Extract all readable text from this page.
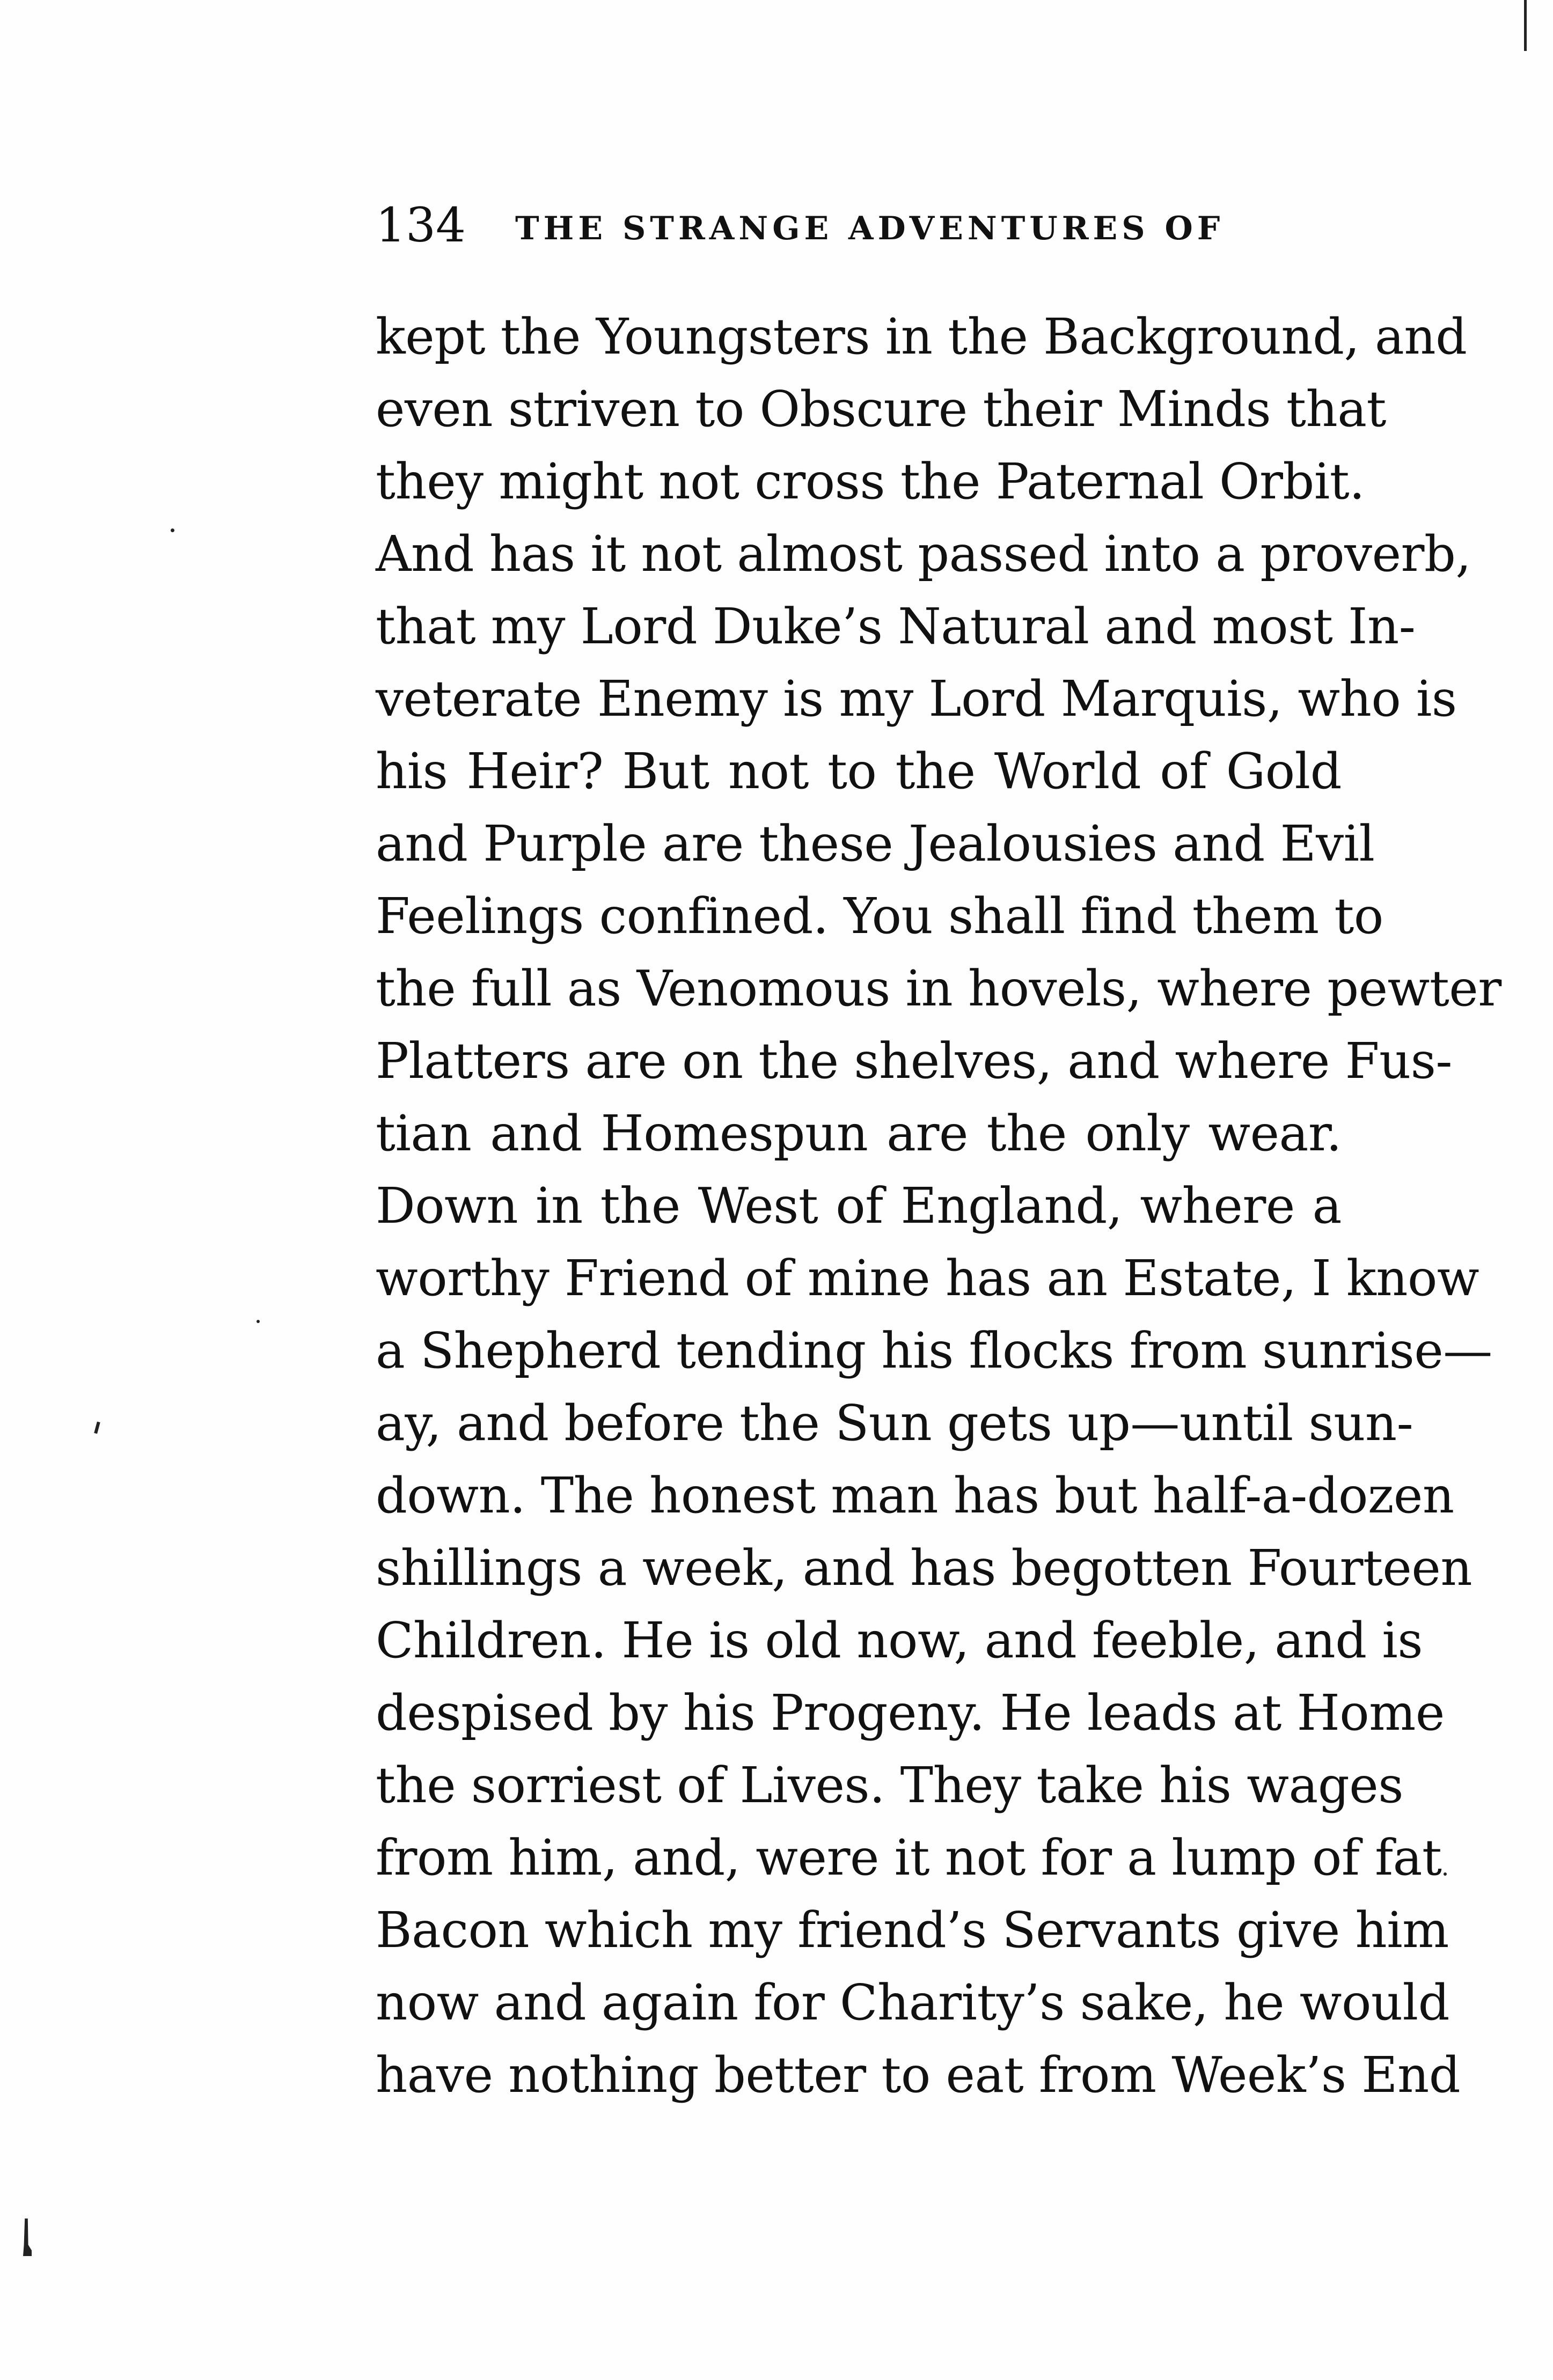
134 THE STRANGE ADVENTURES OF
kept the Youngsters in the Background, and
even striven to Obscure their Minds that
they might not cross the Paternal Orbit.
And has it not almost passed into a proverb,
that my Lord Duke’s Natural and most In-
veterate Enemy is my Lord Marquis, who is
his Heir? But not to the World of Gold
and Purple are these Jealousies and Evil
Feelings confined. You shall find them to
the full as Venomous in hovels, where pewter
Platters are on the shelves, and where Fus-
tian and Homespun are the only wear.
Down in the West of England, where a
worthy Friend of mine has an Estate, I know
a Shepherd tending his flocks from sunrise—
ay, and before the Sun gets up—until sun-
down. The honest man has but half-a-dozen
shillings a week, and has begotten Fourteen
Children. He is old now, and feeble, and is
despised by his Progeny. He leads at Home
the sorriest of Lives. They take his wages
from him, and, were it not for a lump of fat
Bacon which my friend’s Servants give him
now and again for Charity’s sake, he would
have nothing better to eat from Week’s End
